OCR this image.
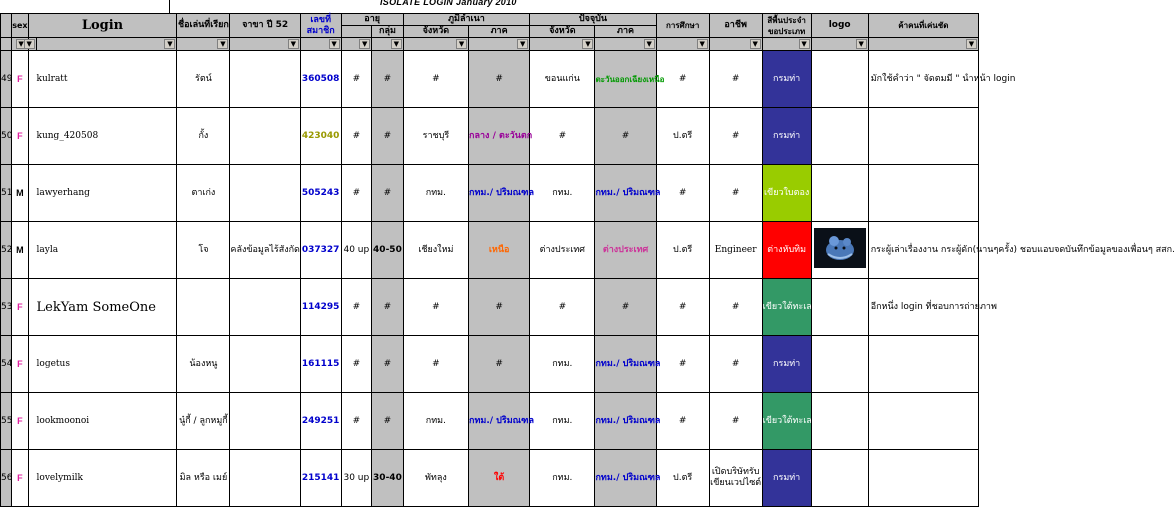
ISOLATE LOGIN January 2010
	sex	Login		ชื่อเล่นที่เรียก	จาขา ปี 52	เลขที่สมาชิก	อายุ		ภูมิลำเนา		ปัจจุบัน		การศึกษา	อาชีพ	สีพื้นประจำขอประเภท	logo	ค้าคนที่เค่นชัด
								กลุ่ม	จังหวัด	ภาค	จังหวัด	ภาค					

	▼	▼	▼	▼	▼	▼	▼	▼	▼	▼	▼	▼	▼	▼	▼	▼	▼

49	F	kulratt		รัตน์		360508	#	#	#	#	ขอนแก่น	ตะวันออกเฉียงเหนือ	#	#	กรมท่า		มักใช้คำว่า " จัดตมมี " นำหน้า login
50	F	kung_420508		กั้ง		423040	#	#	ราชบุรี	กลาง / ตะวันตก	#	#	ป.ตรี	#	กรมท่า		
51	M	lawyerhang		ตาเก่ง		505243	#	#	กทม.	กทม./ ปริมณฑล	กทม.	กทม./ ปริมณฑล	#	#	เขียวใบตอง		
52	M	layla		โจ	คลังข้อมูลไร้สังกัด	037327	40 up	40-50	เชียงใหม่	เหนือ	ต่างประเทศ	ต่างประเทศ	ป.ตรี	Engineer	ต่างหับทิม		กระผู้เล่าเรื่องงาน กระผู้ดัก(นานๆครั้ง) ชอบแอบจดบันทึกข้อมูลของเพื่อนๆ สสก.
53	F	LekYam SomeOne				114295	#	#	#	#	#	#	#	#	เขียวใต้ทะเล		อีกหนึ่ง login ที่ชอบการถ่ายภาพ
54	F	logetus		น้องหนู		161115	#	#	#	#	กทม.	กทม./ ปริมณฑล	#	#	กรมท่า		
55	F	lookmoonoi		นู๋กี้ / ลูกหมูกี้		249251	#	#	กทม.	กทม./ ปริมณฑล	กทม.	กทม./ ปริมณฑล	#	#	เขียวใต้ทะเล		
56	F	lovelymilk		มิล หรือ เมย์		215141	30 up	30-40	พัทลุง	ใต้	กทม.	กทม./ ปริมณฑล	ป.ตรี	เปิดบริษัทรับเขียนเวปไซต์	กรมท่า		
